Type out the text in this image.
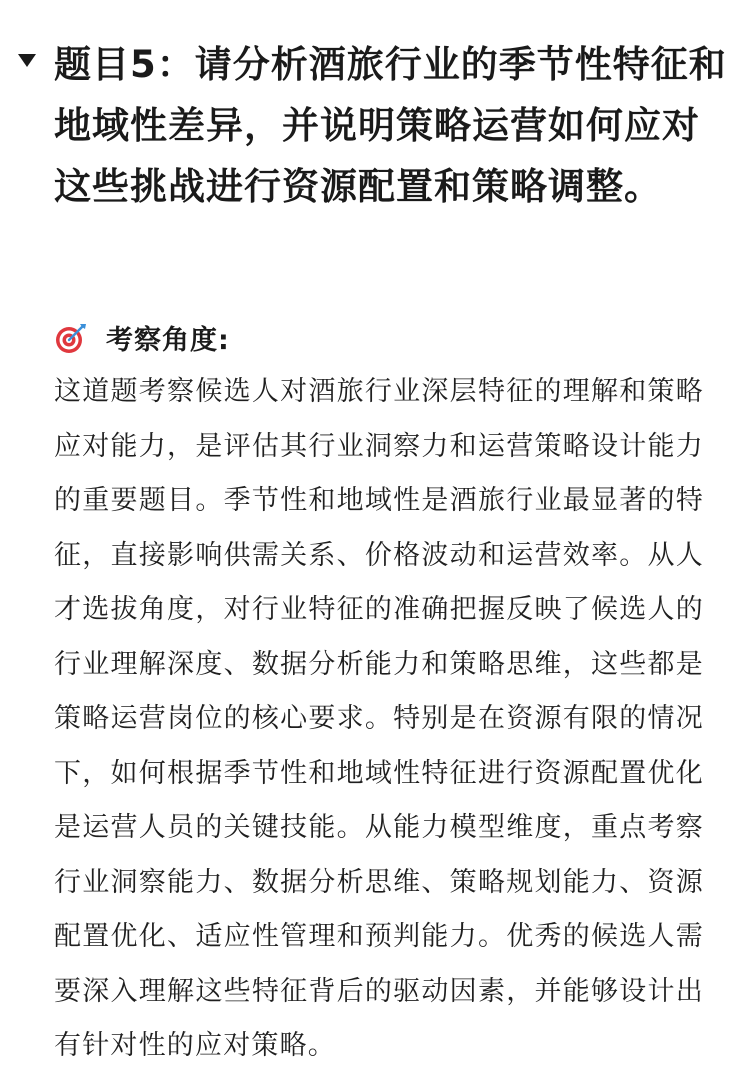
题目5：请分析酒旅行业的季节性特征和地域性差异，并说明策略运营如何应对这些挑战进行资源配置和策略调整。
考察角度:

这道题考察候选人对酒旅行业深层特征的理解和策略应对能力，是评估其行业洞察力和运营策略设计能力的重要题目。季节性和地域性是酒旅行业最显著的特征，直接影响供需关系、价格波动和运营效率。从人才选拔角度，对行业特征的准确把握反映了候选人的行业理解深度、数据分析能力和策略思维，这些都是策略运营岗位的核心要求。特别是在资源有限的情况下，如何根据季节性和地域性特征进行资源配置优化是运营人员的关键技能。从能力模型维度，重点考察行业洞察能力、数据分析思维、策略规划能力、资源配置优化、适应性管理和预判能力。优秀的候选人需要深入理解这些特征背后的驱动因素，并能够设计出有针对性的应对策略。
